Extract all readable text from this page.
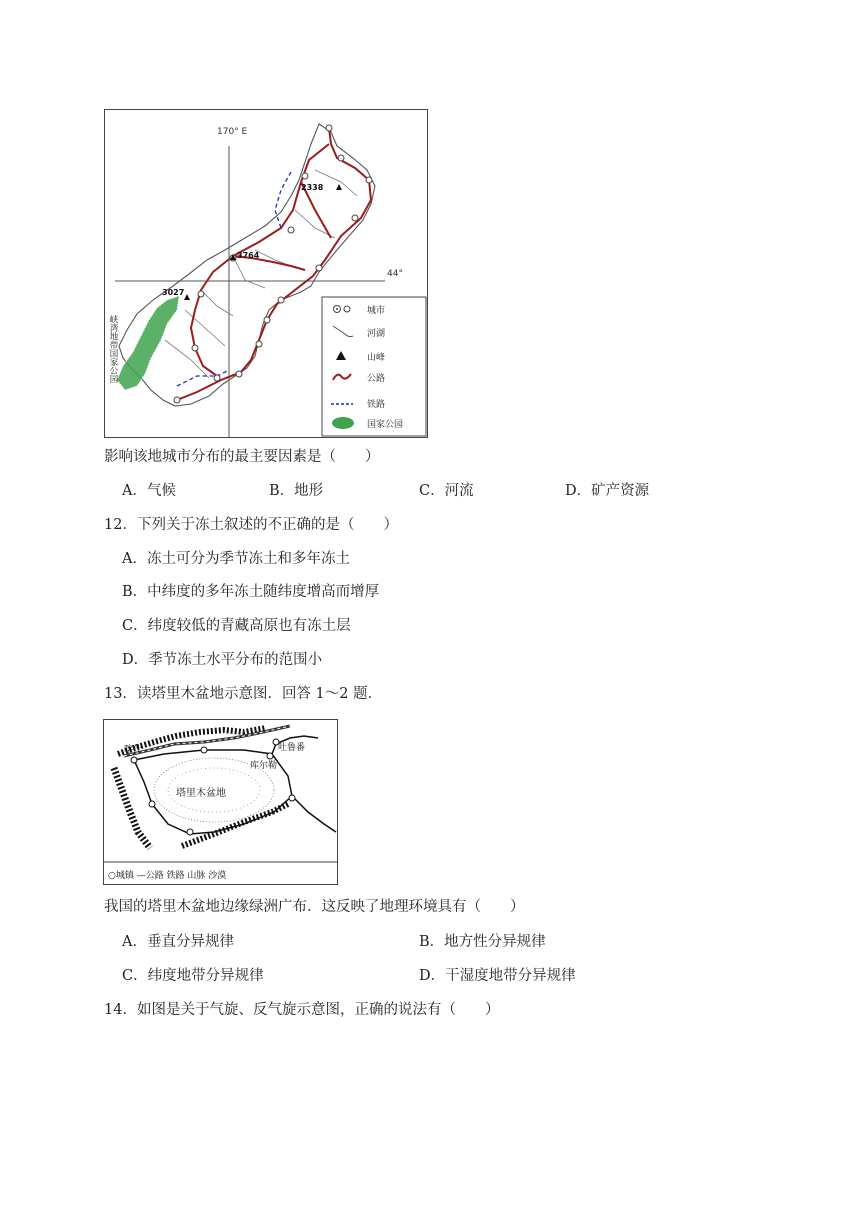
170° E
44°
2338
3764
3027
城市
河湖
山峰
公路
铁路
国家公园
峡湾地带国家公园
影响该地城市分布的最主要因素是（　　）
A．气候	B．地形	C．河流	D．矿产资源
12．下列关于冻土叙述的不正确的是（　　）
A．冻土可分为季节冻土和多年冻土
B．中纬度的多年冻土随纬度增高而增厚
C．纬度较低的青藏高原也有冻土层
D．季节冻土水平分布的范围小
13．读塔里木盆地示意图．回答 1～2 题．
喀什	吐鲁番
库尔勒
塔里木盆地
○城镇 —公路 铁路 山脉 沙漠
我国的塔里木盆地边缘绿洲广布．这反映了地理环境具有（　　）
A．垂直分异规律	B．地方性分异规律
C．纬度地带分异规律	D．干湿度地带分异规律
14．如图是关于气旋、反气旋示意图，正确的说法有（　　）
